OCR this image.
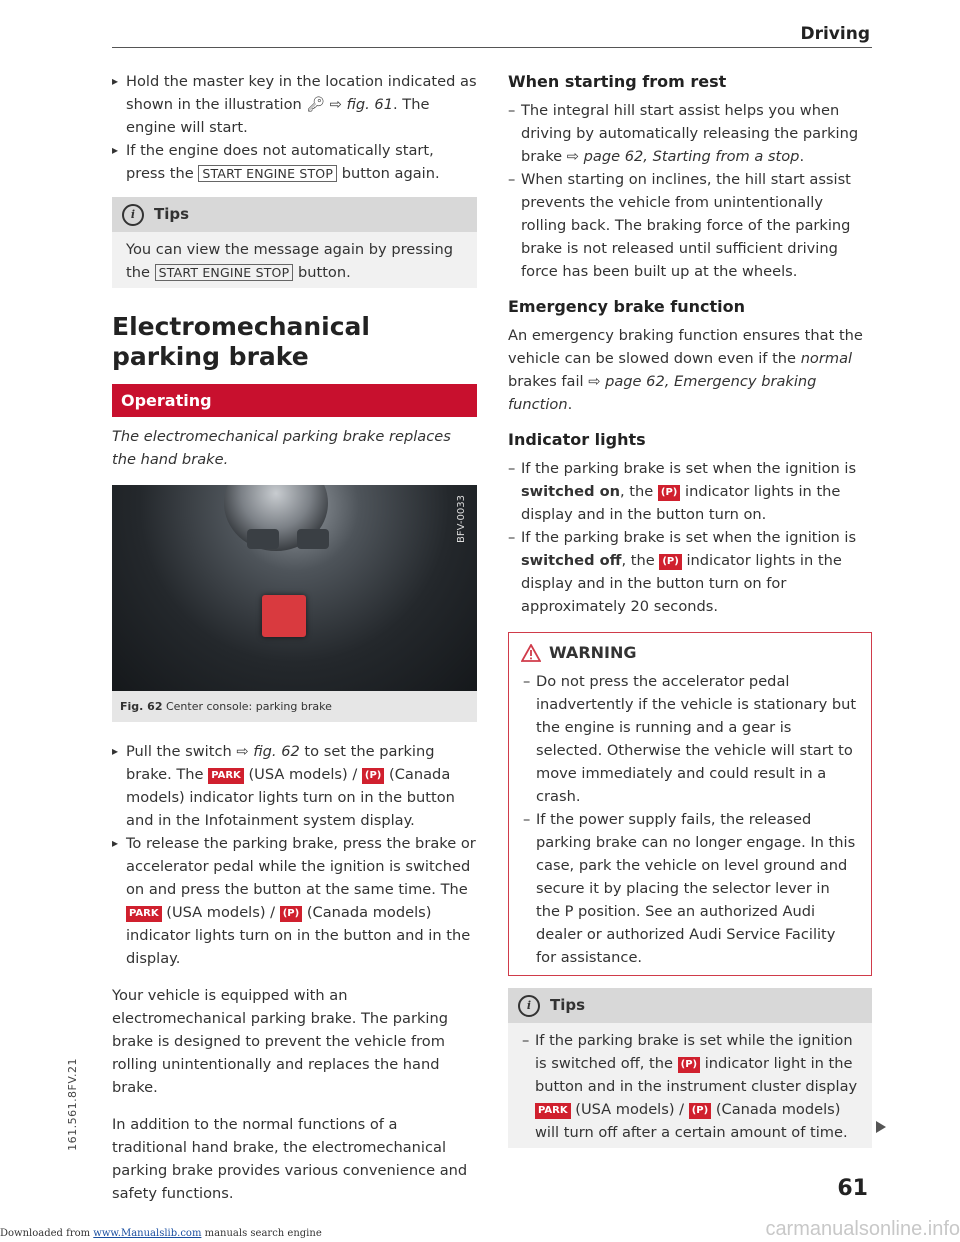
Driving

▸ Hold the master key in the location indicated as shown in the illustration 🔑︎ ⇨ fig. 61. The engine will start.

▸ If the engine does not automatically start, press the START ENGINE STOP button again.

i	Tips
You can view the message again by pressing the START ENGINE STOP button.
Electromechanical parking brake
Operating

The electromechanical parking brake replaces the hand brake.

BFV-0033
Fig. 62 Center console: parking brake

▸ Pull the switch ⇨ fig. 62 to set the parking brake. The PARK (USA models) / (P) (Canada models) indicator lights turn on in the button and in the Infotainment system display.

▸ To release the parking brake, press the brake or accelerator pedal while the ignition is switched on and press the button at the same time. The PARK (USA models) / (P) (Canada models) indicator lights turn on in the button and in the display.

Your vehicle is equipped with an electromechanical parking brake. The parking brake is designed to prevent the vehicle from rolling unintentionally and replaces the hand brake.

In addition to the normal functions of a traditional hand brake, the electromechanical parking brake provides various convenience and safety functions.

When starting from rest

– The integral hill start assist helps you when driving by automatically releasing the parking brake ⇨ page 62, Starting from a stop.

– When starting on inclines, the hill start assist prevents the vehicle from unintentionally rolling back. The braking force of the parking brake is not released until sufficient driving force has been built up at the wheels.

Emergency brake function

An emergency braking function ensures that the vehicle can be slowed down even if the normal brakes fail ⇨ page 62, Emergency braking function.

Indicator lights

– If the parking brake is set when the ignition is switched on, the (P) indicator lights in the display and in the button turn on.

– If the parking brake is set when the ignition is switched off, the (P) indicator lights in the display and in the button turn on for approximately 20 seconds.

WARNING

– Do not press the accelerator pedal inadvertently if the vehicle is stationary but the engine is running and a gear is selected. Otherwise the vehicle will start to move immediately and could result in a crash.

– If the power supply fails, the released parking brake can no longer engage. In this case, park the vehicle on level ground and secure it by placing the selector lever in the P position. See an authorized Audi dealer or authorized Audi Service Facility for assistance.

i	Tips

– If the parking brake is set while the ignition is switched off, the (P) indicator light in the button and in the instrument cluster display PARK (USA models) / (P) (Canada models) will turn off after a certain amount of time.

61
161.561.8FV.21
Downloaded from www.Manualslib.com manuals search engine	carmanualsonline.info
